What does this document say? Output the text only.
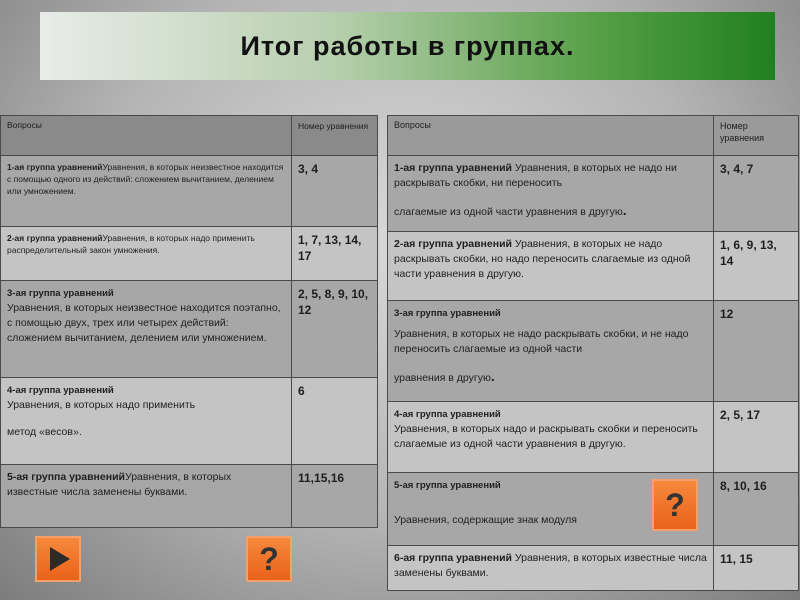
Итог работы в группах.
Вопросы	Номер уравнения
1-ая группа уравненийУравнения, в которых неизвестное находится с помощью одного из действий: сложением вычитанием, делением или умножением.	3, 4
2-ая группа уравненийУравнения, в которых надо применить распределительный закон умножения.	1, 7, 13, 14, 17
3-ая группа уравнений
Уравнения, в которых неизвестное находится поэтапно, с помощью двух, трех или четырех действий: сложением вычитанием, делением или умножением.	2, 5, 8, 9, 10, 12
4-ая группа уравнений
Уравнения, в которых надо применить
метод «весов».	6
5-ая группа уравненийУравнения, в которых известные числа заменены буквами.	11,15,16
Вопросы	Номер уравнения
1-ая группа уравнений Уравнения, в которых не надо ни раскрывать скобки, ни переносить
слагаемые из одной части уравнения в другую.	3, 4, 7
2-ая группа уравнений Уравнения, в которых не надо раскрывать скобки, но надо переносить слагаемые из одной части уравнения в другую.	1, 6, 9, 13, 14
3-ая группа уравнений
Уравнения, в которых не надо раскрывать скобки, и не надо переносить слагаемые из одной части
уравнения в другую.	12
4-ая группа уравнений
Уравнения, в которых надо и раскрывать скобки и переносить слагаемые из одной части уравнения в другую.	2, 5, 17
5-ая группа уравнений
Уравнения, содержащие знак модуля	8, 10, 16
6-ая группа уравнений Уравнения, в которых известные числа заменены буквами.	11, 15
?
?
